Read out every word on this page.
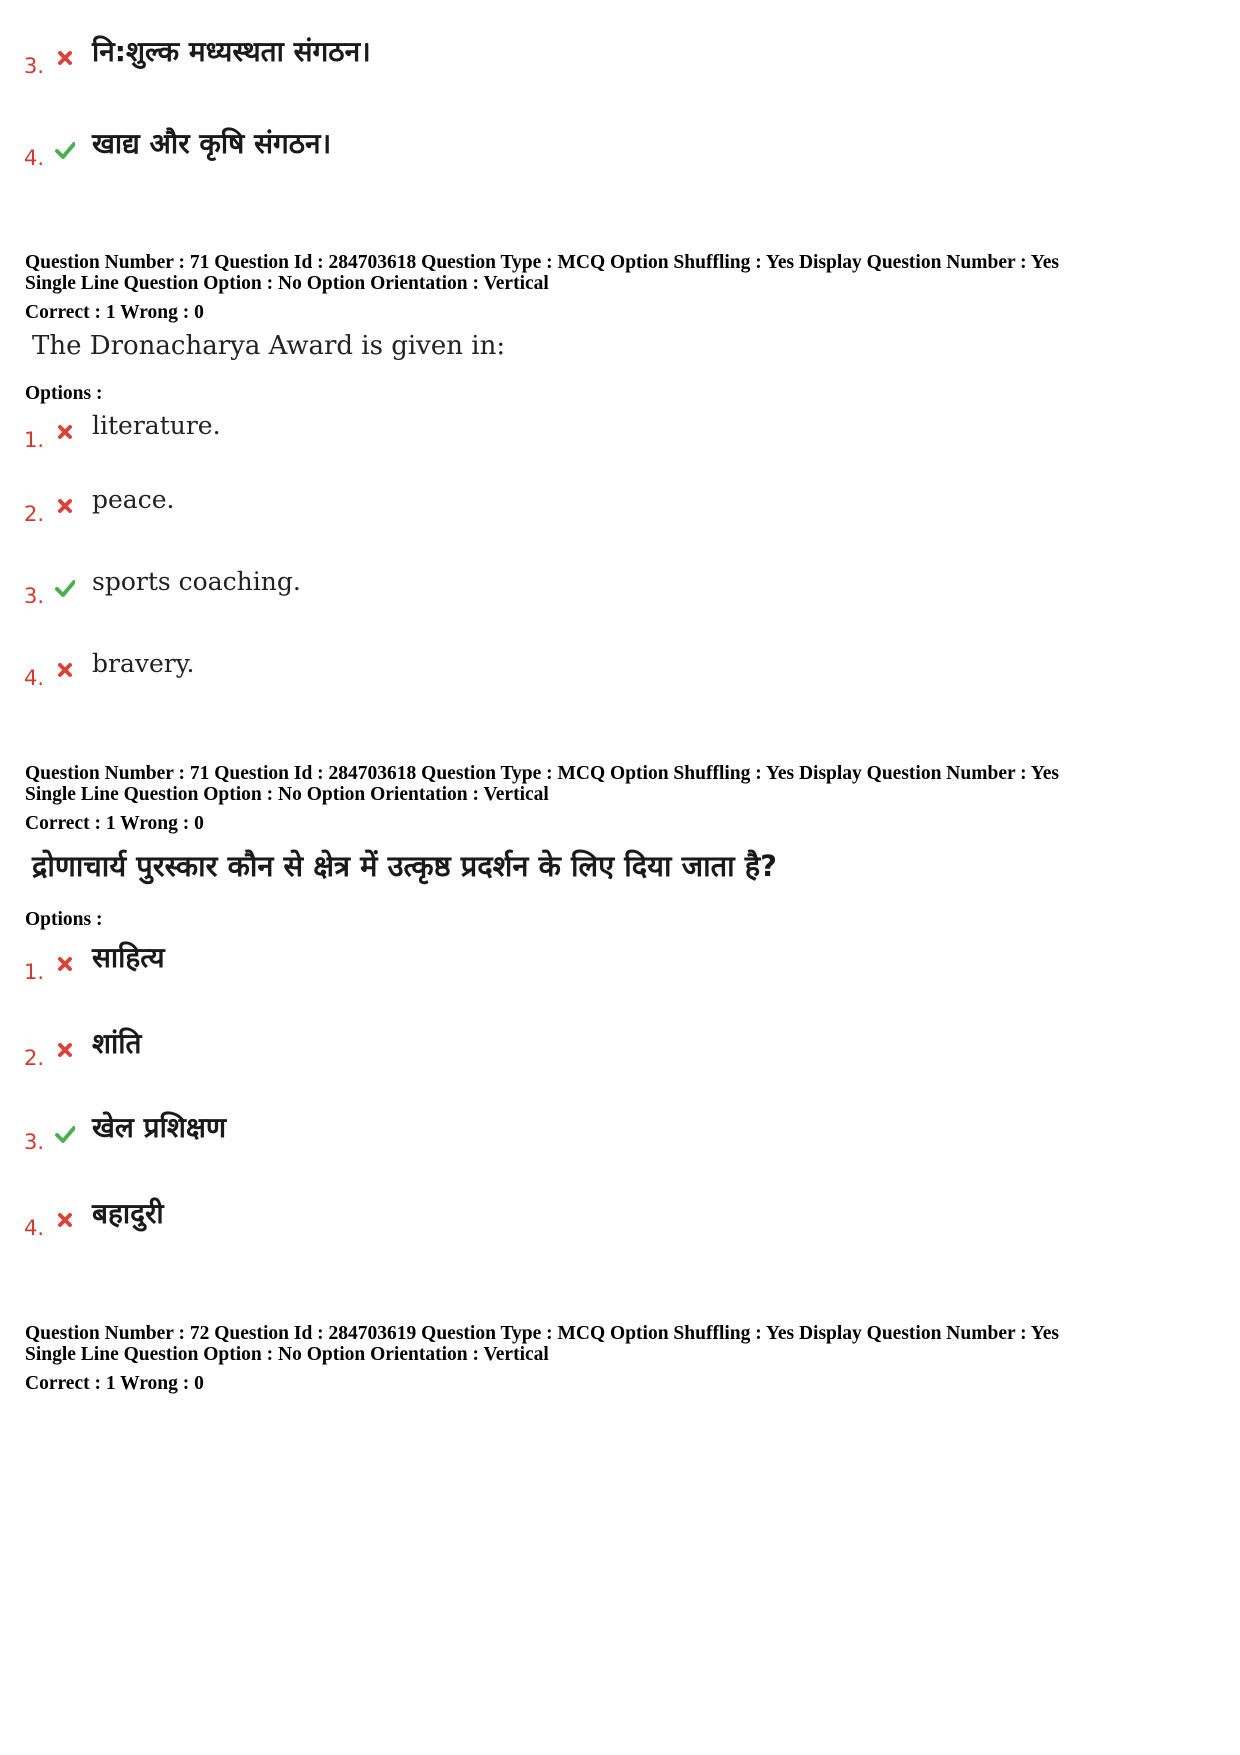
3. नि:शुल्क मध्यस्थता संगठन।
4. खाद्य और कृषि संगठन।
Question Number : 71 Question Id : 284703618 Question Type : MCQ Option Shuffling : Yes Display Question Number : Yes
Single Line Question Option : No Option Orientation : Vertical
Correct : 1 Wrong : 0
The Dronacharya Award is given in:
Options :
1. literature.
2. peace.
3. sports coaching.
4. bravery.
Question Number : 71 Question Id : 284703618 Question Type : MCQ Option Shuffling : Yes Display Question Number : Yes
Single Line Question Option : No Option Orientation : Vertical
Correct : 1 Wrong : 0
द्रोणाचार्य पुरस्कार कौन से क्षेत्र में उत्कृष्ठ प्रदर्शन के लिए दिया जाता है?
Options :
1. साहित्य
2. शांति
3. खेल प्रशिक्षण
4. बहादुरी
Question Number : 72 Question Id : 284703619 Question Type : MCQ Option Shuffling : Yes Display Question Number : Yes
Single Line Question Option : No Option Orientation : Vertical
Correct : 1 Wrong : 0
